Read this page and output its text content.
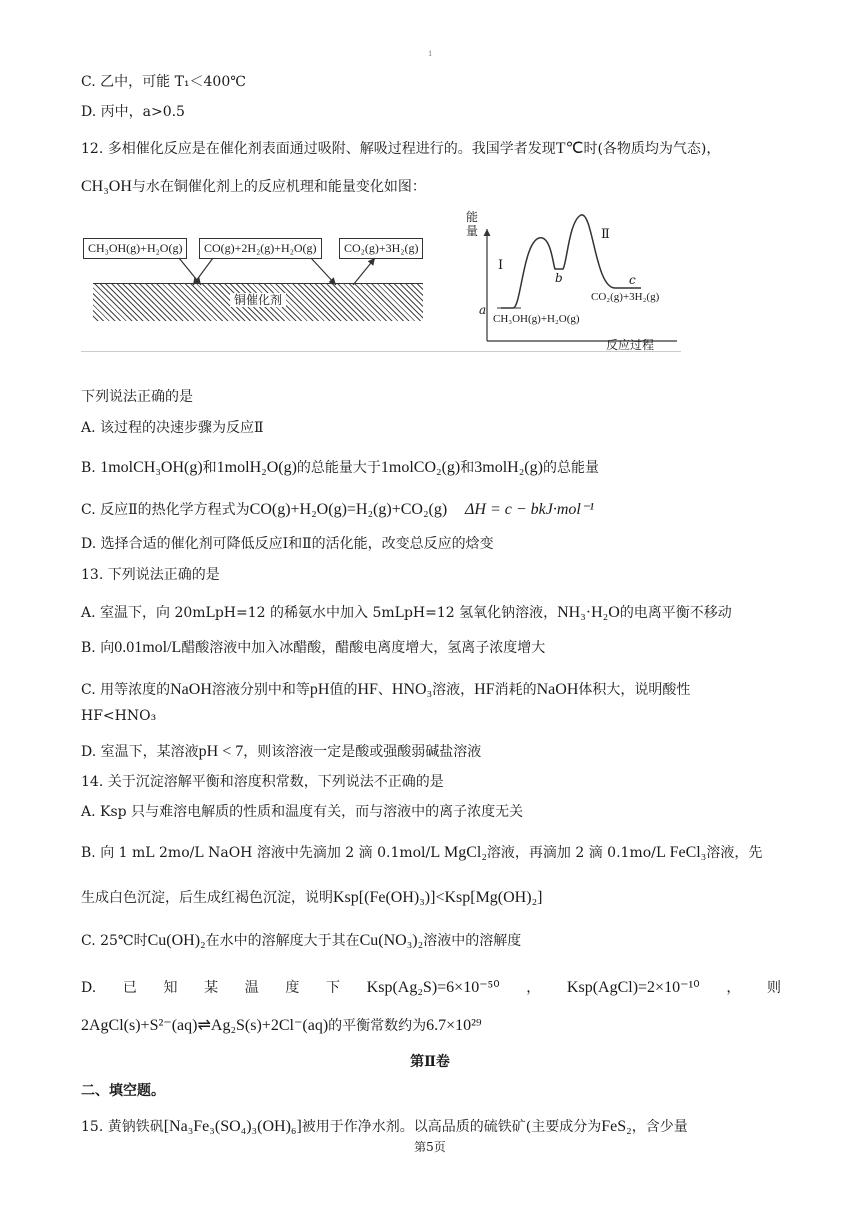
1
C. 乙中，可能 T₁＜400℃
D. 丙中，a>0.5
12. 多相催化反应是在催化剂表面通过吸附、解吸过程进行的。我国学者发现T℃时(各物质均为气态)，
CH₃OH与水在铜催化剂上的反应机理和能量变化如图：
CH₃OH(g)+H₂O(g)	CO(g)+2H₂(g)+H₂O(g)	CO₂(g)+3H₂(g)
铜催化剂
能
量
a
Ⅰ
b
Ⅱ
c
CO₂(g)+3H₂(g)
CH₃OH(g)+H₂O(g)
反应过程
下列说法正确的是
A. 该过程的决速步骤为反应Ⅱ
B. 1molCH₃OH(g)和1molH₂O(g)的总能量大于1molCO₂(g)和3molH₂(g)的总能量
C. 反应Ⅱ的热化学方程式为CO(g)+H₂O(g)=H₂(g)+CO₂(g) ΔH = c − bkJ·mol⁻¹
D. 选择合适的催化剂可降低反应Ⅰ和Ⅱ的活化能，改变总反应的焓变
13. 下列说法正确的是
A. 室温下，向 20mLpH=12 的稀氨水中加入 5mLpH=12 氢氧化钠溶液，NH₃·H₂O的电离平衡不移动
B. 向0.01mol/L醋酸溶液中加入冰醋酸，醋酸电离度增大，氢离子浓度增大
C. 用等浓度的NaOH溶液分别中和等pH值的HF、HNO₃溶液，HF消耗的NaOH体积大，说明酸性
HF<HNO₃
D. 室温下，某溶液pH < 7，则该溶液一定是酸或强酸弱碱盐溶液
14. 关于沉淀溶解平衡和溶度积常数，下列说法不正确的是
A. Ksp 只与难溶电解质的性质和温度有关，而与溶液中的离子浓度无关
B. 向 1 mL 2mo/L NaOH 溶液中先滴加 2 滴 0.1mol/L MgCl₂溶液，再滴加 2 滴 0.1mo/L FeCl₃溶液，先
生成白色沉淀，后生成红褐色沉淀，说明Ksp[(Fe(OH)₃)]<Ksp[Mg(OH)₂]
C. 25℃时Cu(OH)₂在水中的溶解度大于其在Cu(NO₃)₂溶液中的溶解度
D. 已 知 某 温 度 下 Ksp(Ag₂S)=6×10⁻⁵⁰ ， Ksp(AgCl)=2×10⁻¹⁰ ， 则
2AgCl(s)+S²⁻(aq)⇌Ag₂S(s)+2Cl⁻(aq)的平衡常数约为6.7×10²⁹
第Ⅱ卷
二、填空题。
15. 黄钠铁矾[Na₃Fe₃(SO₄)₃(OH)₆]被用于作净水剂。以高品质的硫铁矿(主要成分为FeS₂，含少量
第5页
